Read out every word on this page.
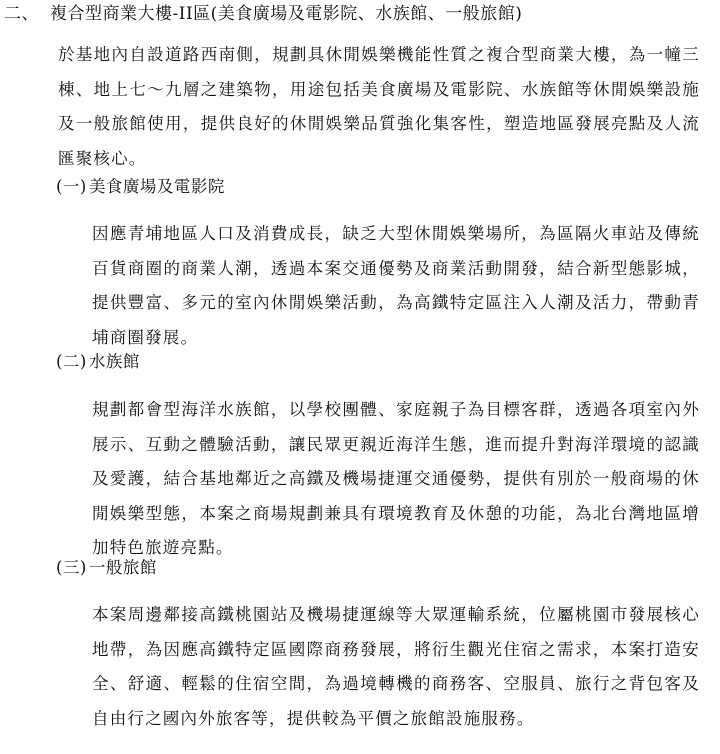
二、 複合型商業大樓-II區(美食廣場及電影院、水族館、一般旅館)

於基地內自設道路西南側，規劃具休閒娛樂機能性質之複合型商業大樓，為一幢三棟、地上七～九層之建築物，用途包括美食廣場及電影院、水族館等休閒娛樂設施及一般旅館使用，提供良好的休閒娛樂品質強化集客性，塑造地區發展亮點及人流匯聚核心。

(一) 美食廣場及電影院

因應青埔地區人口及消費成長，缺乏大型休閒娛樂場所，為區隔火車站及傳統百貨商圈的商業人潮，透過本案交通優勢及商業活動開發，結合新型態影城，提供豐富、多元的室內休閒娛樂活動，為高鐵特定區注入人潮及活力，帶動青埔商圈發展。

(二) 水族館

規劃都會型海洋水族館，以學校團體、家庭親子為目標客群，透過各項室內外展示、互動之體驗活動，讓民眾更親近海洋生態，進而提升對海洋環境的認識及愛護，結合基地鄰近之高鐵及機場捷運交通優勢，提供有別於一般商場的休閒娛樂型態，本案之商場規劃兼具有環境教育及休憩的功能，為北台灣地區增加特色旅遊亮點。

(三) 一般旅館

本案周邊鄰接高鐵桃園站及機場捷運線等大眾運輸系統，位屬桃園市發展核心地帶，為因應高鐵特定區國際商務發展，將衍生觀光住宿之需求，本案打造安全、舒適、輕鬆的住宿空間，為過境轉機的商務客、空服員、旅行之背包客及自由行之國內外旅客等，提供較為平價之旅館設施服務。
